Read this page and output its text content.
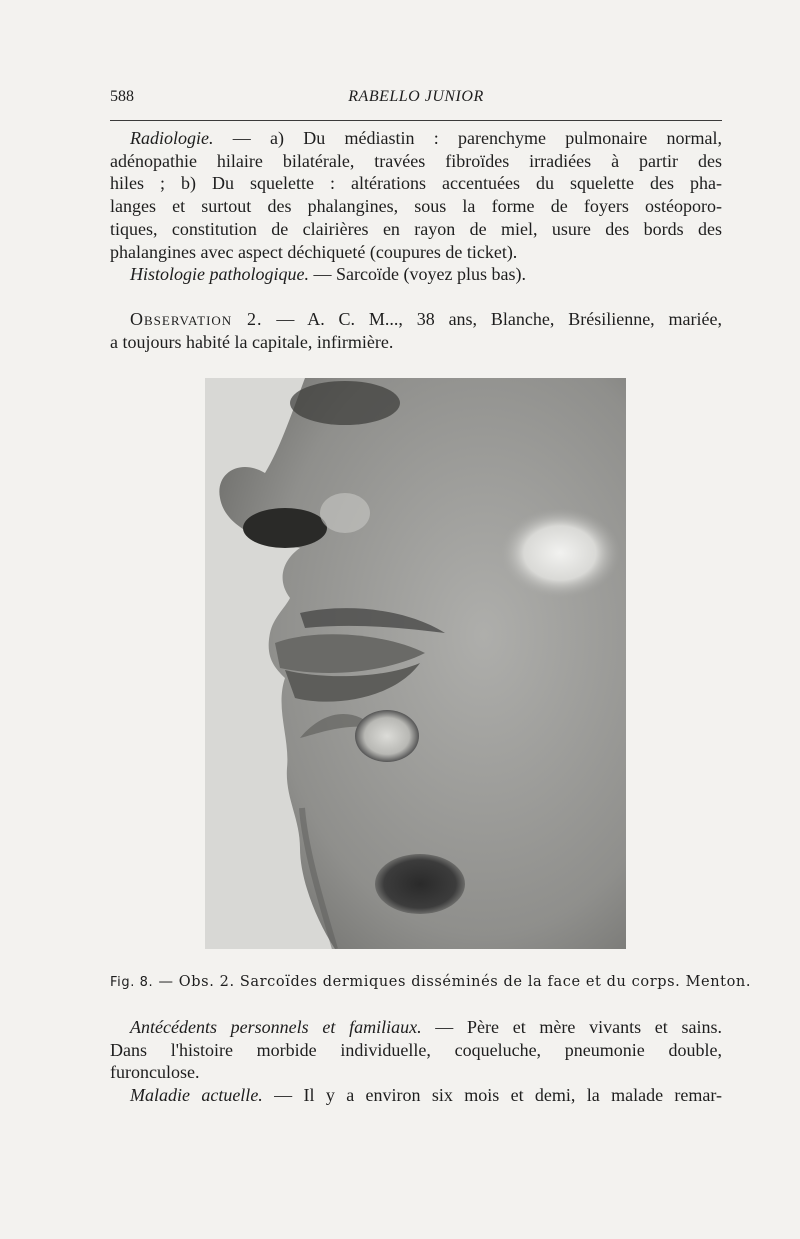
588	RABELLO JUNIOR
Radiologie. — a) Du médiastin : parenchyme pulmonaire normal,
adénopathie hilaire bilatérale, travées fibroïdes irradiées à partir des
hiles ; b) Du squelette : altérations accentuées du squelette des pha-
langes et surtout des phalangines, sous la forme de foyers ostéoporo-
tiques, constitution de clairières en rayon de miel, usure des bords des
phalangines avec aspect déchiqueté (coupures de ticket).
Histologie pathologique. — Sarcoïde (voyez plus bas).
Observation 2. — A. C. M..., 38 ans, Blanche, Brésilienne, mariée,
a toujours habité la capitale, infirmière.
Fig. 8. — Obs. 2. Sarcoïdes dermiques disséminés de la face et du corps. Menton.
Antécédents personnels et familiaux. — Père et mère vivants et sains.
Dans l'histoire morbide individuelle, coqueluche, pneumonie double,
furonculose.
Maladie actuelle. — Il y a environ six mois et demi, la malade remar-
